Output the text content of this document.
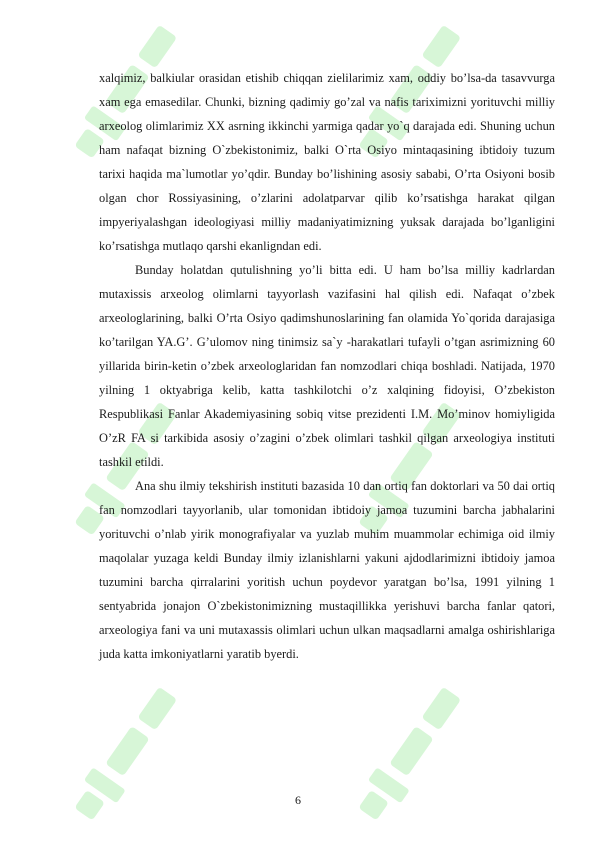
xalqimiz, balkiular orasidan etishib chiqqan zielilarimiz xam, oddiy bo’lsa-da tasavvurga xam ega emasedilar. Chunki, bizning qadimiy go’zal va nafis tariximizni yorituvchi milliy arxeolog olimlarimiz XX asrning ikkinchi yarmiga qadar yo`q darajada edi. Shuning uchun ham nafaqat bizning O`zbekistonimiz, balki O`rta Osiyo mintaqasining ibtidoiy tuzum tarixi haqida ma`lumotlar yo’qdir. Bunday bo’lishining asosiy sababi, O’rta Osiyoni bosib olgan chor Rossiyasining, o’zlarini adolatparvar qilib ko’rsatishga harakat qilgan impyeriyalashgan ideologiyasi milliy madaniyatimizning yuksak darajada bo’lganligini ko’rsatishga mutlaqo qarshi ekanligndan edi.

Bunday holatdan qutulishning yo’li bitta edi. U ham bo’lsa milliy kadrlardan mutaxissis arxeolog olimlarni tayyorlash vazifasini hal qilish edi. Nafaqat o’zbek arxeologlarining, balki O’rta Osiyo qadimshunoslarining fan olamida Yo`qorida darajasiga ko’tarilgan YA.G’. G’ulomov ning tinimsiz sa`y -harakatlari tufayli o’tgan asrimizning 60 yillarida birin-ketin o’zbek arxeologlaridan fan nomzodlari chiqa boshladi. Natijada, 1970 yilning 1 oktyabriga kelib, katta tashkilotchi o’z xalqining fidoyisi, O’zbekiston Respublikasi Fanlar Akademiyasining sobiq vitse prezidenti I.M. Mo’minov homiyligida O’zR FA si tarkibida asosiy o’zagini o’zbek olimlari tashkil qilgan arxeologiya instituti tashkil etildi.

Ana shu ilmiy tekshirish instituti bazasida 10 dan ortiq fan doktorlari va 50 dai ortiq fan nomzodlari tayyorlanib, ular tomonidan ibtidoiy jamoa tuzumini barcha jabhalarini yorituvchi o’nlab yirik monografiyalar va yuzlab muhim muammolar echimiga oid ilmiy maqolalar yuzaga keldi Bunday ilmiy izlanishlarni yakuni ajdodlarimizni ibtidoiy jamoa tuzumini barcha qirralarini yoritish uchun poydevor yaratgan bo’lsa, 1991 yilning 1 sentyabrida jonajon O`zbekistonimizning mustaqillikka yerishuvi barcha fanlar qatori, arxeologiya fani va uni mutaxassis olimlari uchun ulkan maqsadlarni amalga oshirishlariga juda katta imkoniyatlarni yaratib byerdi.

6
